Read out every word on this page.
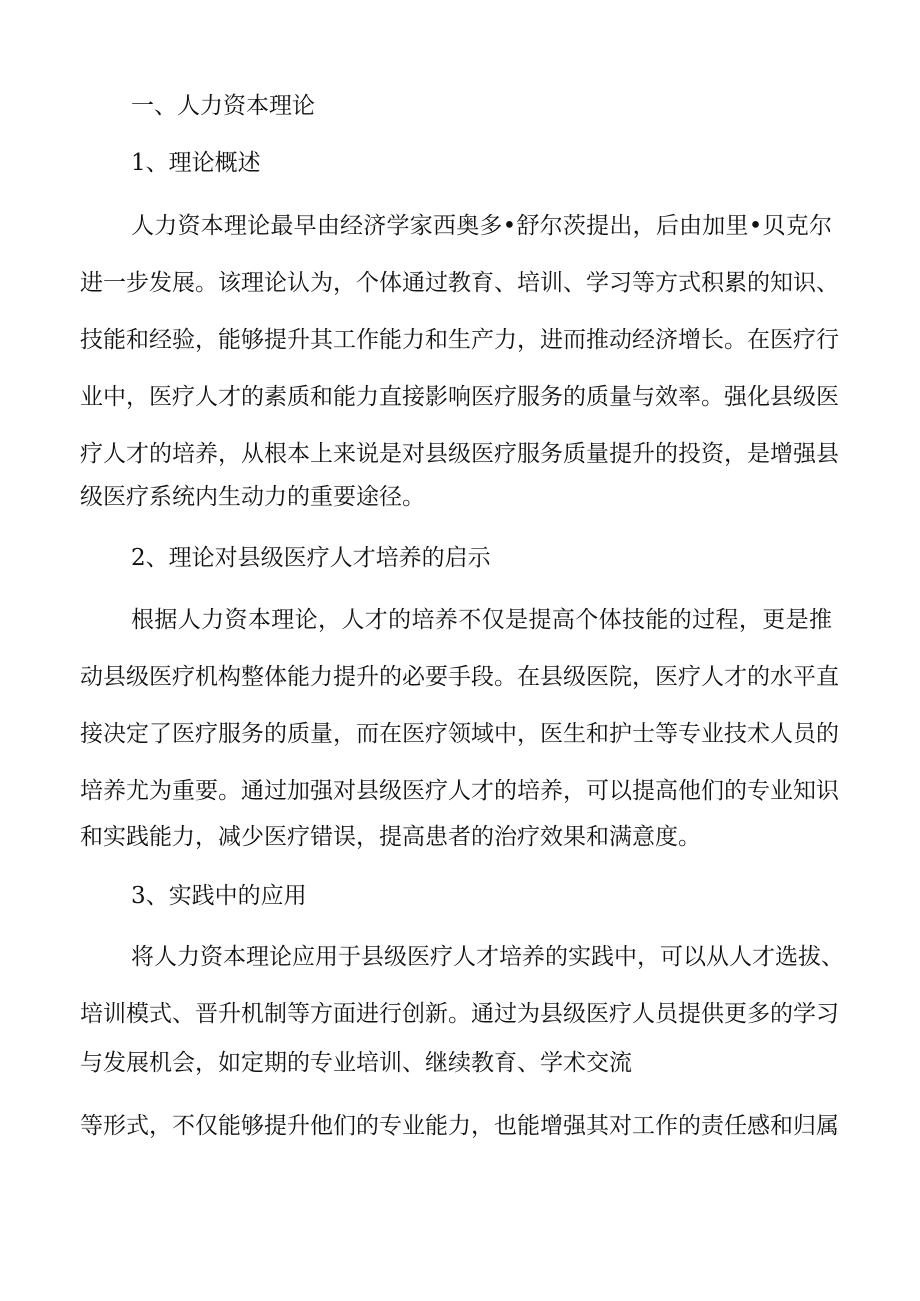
一、人力资本理论

1、理论概述

人力资本理论最早由经济学家西奥多•舒尔茨提出，后由加里•贝克尔

进一步发展。该理论认为，个体通过教育、培训、学习等方式积累的知识、

技能和经验，能够提升其工作能力和生产力，进而推动经济增长。在医疗行

业中，医疗人才的素质和能力直接影响医疗服务的质量与效率。强化县级医

疗人才的培养，从根本上来说是对县级医疗服务质量提升的投资，是增强县

级医疗系统内生动力的重要途径。

2、理论对县级医疗人才培养的启示

根据人力资本理论，人才的培养不仅是提高个体技能的过程，更是推

动县级医疗机构整体能力提升的必要手段。在县级医院，医疗人才的水平直

接决定了医疗服务的质量，而在医疗领域中，医生和护士等专业技术人员的

培养尤为重要。通过加强对县级医疗人才的培养，可以提高他们的专业知识

和实践能力，减少医疗错误，提高患者的治疗效果和满意度。

3、实践中的应用

将人力资本理论应用于县级医疗人才培养的实践中，可以从人才选拔、

培训模式、晋升机制等方面进行创新。通过为县级医疗人员提供更多的学习

与发展机会，如定期的专业培训、继续教育、学术交流

等形式，不仅能够提升他们的专业能力，也能增强其对工作的责任感和归属
